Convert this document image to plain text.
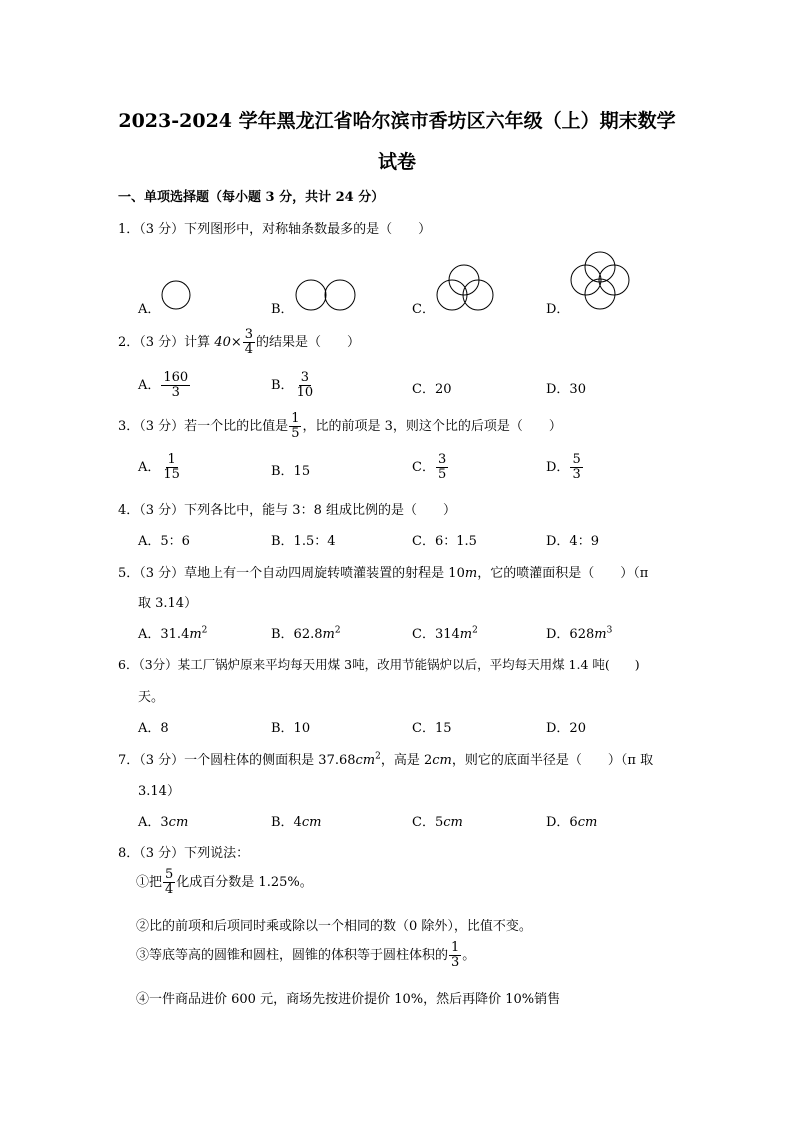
2023-2024 学年黑龙江省哈尔滨市香坊区六年级（上）期末数学
试卷
一、单项选择题（每小题 3 分，共计 24 分）
1．（3 分）下列图形中，对称轴条数最多的是（　　）
A．	B．	C．	D．
2．（3 分）计算 $40\times \frac{3}{4}$ 的结果是（　　）
A． $\frac{160}{3}$	B． $\frac{3}{10}$	C．20	D．30
3．（3 分）若一个比的比值是 $\frac{1}{5}$ ，比的前项是 3，则这个比的后项是（　　）
A． $\frac{1}{15}$	B．15	C． $\frac{3}{5}$	D． $\frac{5}{3}$
4．（3 分）下列各比中，能与 3：8 组成比例的是（　　）
A．5：6	B．1.5：4	C．6：1.5	D．4：9
5．（3 分）草地上有一个自动四周旋转喷灌装置的射程是 10m，它的喷灌面积是（　　）（π
取 3.14）
A．$31.4m^2$	B．$62.8m^2$	C．$314m^2$	D．$628m^3$
6．（3分）某工厂锅炉原来平均每天用煤 3吨，改用节能锅炉以后，平均每天用煤 1.4 吨(　　)
天。
A．8	B．10	C．15	D．20
7．（3 分）一个圆柱体的侧面积是 $37.68cm^2$，高是 2cm，则它的底面半径是（　　）（π 取
3.14）
A．3cm	B．4cm	C．5cm	D．6cm
8．（3 分）下列说法：
①把 $\frac{5}{4}$ 化成百分数是 1.25%。
②比的前项和后项同时乘或除以一个相同的数（0 除外），比值不变。
③等底等高的圆锥和圆柱，圆锥的体积等于圆柱体积的 $\frac{1}{3}$ 。
④一件商品进价 600 元，商场先按进价提价 10%，然后再降价 10%销售
